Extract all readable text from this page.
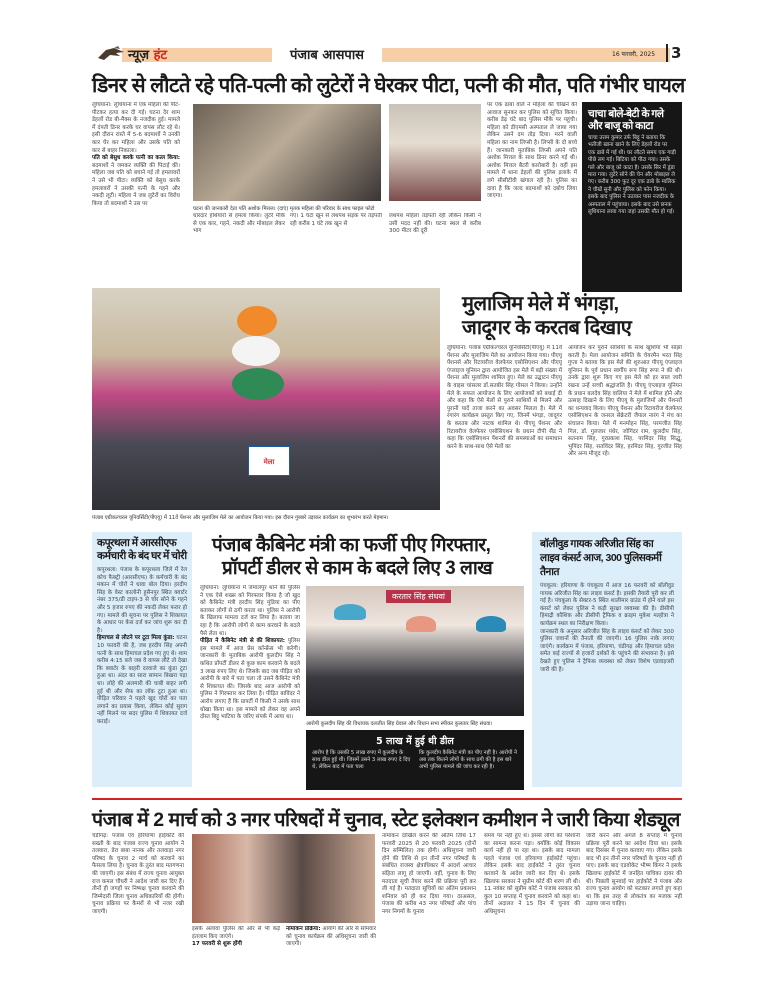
न्यूज़ हंट	पंजाब आसपास	16 फरवरी, 2025	3
डिनर से लौटते रहे पति-पत्नी को लुटेरों ने घेरकर पीटा, पत्नी की मौत, पति गंभीर घायल
लुधियाना: लुधियाना में एक महिला की पीट-पीटकर हत्या कर दी गई। घटना देर शाम डेहलों रोड बी-मैक्स के नजदीक हुई। मामले में दंपती डिनर करके घर वापस लौट रहे थे। इसी दौरान रास्ते में 5-6 बदमाशों ने उनकी कार घेर कर महिला और उसके पति को कार से बाहर निकाला।
पति को बेसुध करके पत्नी का कत्ल किया: बदमाशों ने जमकर व्यक्ति की पिटाई की। महिला जब पति को बचाने गई तो हमलावरों ने उसे भी पीटा। व्यक्ति को बेसुध करके हमलावरों ने उसकी पत्नी के गहने और नकदी लूटी। महिला ने जब लुटेरों का विरोध किया तो बदमाशों ने उस पर
घटना की जानकारी देता पति अशोक मित्तल। (दाएं) मृतक महिला की परिवार के साथ फाइल फोटो
धारदार हथियारों से हमला किया। लुटेरे मौके से एक कार, गहने, नकदी और मोबाइल लेकर भाग
गए। 1 घंटा खून से लथपथ सड़क पर तड़पती रही करीब 1 घंटे तक खून से
लथपथ महिला तड़पती रही लेकिन किसी ने उसी मदद नहीं की। घटना स्थल से करीब 300 मीटर की दूरी
पर एक ढाबा वाले ने महिला की चीखने की आवाज सुनकर कर पुलिस को सूचित किया। करीब डेढ़ घंटे बाद पुलिस मौके पर पहुंची। महिला को डीएमसी अस्पताल ले जाया गया लेकिन उसने दम तोड़ दिया। मरने वाली महिला का नाम लिप्सी है। लिप्सी के दो बच्चे हैं। जानकारी मुताबिक लिप्सी अपने पति अशोक मित्तल के साथ डिनर करने गई थी। अशोक मित्तल बैटरी कारोबारी है। वहीं इस मामले में थाना डेहलों की पुलिस इलाके में लगे सीसीटीवी खंगाल रही है। पुलिस का दावा है कि जल्द बदमाशों को दबोच लिया जाएगा।
चाचा बोले-बेटी के गले और बाजू को काटा
चाचा उत्तम कुमार उर्फ बिट्टू ने बताया कि भतीजी खाना खाने के लिए डेहलों रोड पर एक ढाबे में गई थी। घर लौटते समय एक गाड़ी पीछे लग गई। बिटिया को पीटा गया। उसके गले और बाजू को काटा है। उसके सिर में डूंडा मारा गया। लुटेरे सोने की चेन और मोबाइल ले गए। करीब 300 फुट दूर एक ढाबे के मालिक ने चीखें सुनी और पुलिस को फोन किया। इसके बाद पुलिस ने उठाकर पास नजदीक के अस्पताल में पहुंचाया। इसके बाद उसे छनक लुधियाना लाया गया जहां उसकी मौत हो गई।
मेला
पंजाब एग्रीकल्चरल यूनिवर्सिटी(पीएयू) में 11वें पेंशनर और मुलाजिम मेले का आयोजन किया गया। इस दौरान गुब्बारे उड़ाकर कार्यक्रम का शुभारंभ करते मेहमान।
मुलाजिम मेले में भंगड़ा,
जादूगर के करतब दिखाए
लुधियाना: पंजाब एग्रीकल्चरल यूनिवर्सिटी(पीएयू) में 11वें पेंशनर और मुलाजिम मेले का आयोजन किया गया। पीएयू पेंशनर्स और रिटायरीज वेलफेयर एसोसिएशन और पीएयू एंप्लाइज यूनियन द्वारा आयोजित इस मेले में बड़ी संख्या में पेंशनर और मुलाजिम शामिल हुए। मेले का उद्घाटन पीएयू के वाइस चांसलर डॉ.सतबीर सिंह गोसल ने किया। उन्होंने मेले के सफल आयोजन के लिए आयोजकों को बधाई दी और कहा कि ऐसे मेलों से पुराने साथियों से मिलने और पुरानी यादें ताजा करने का अवसर मिलता है। मेले में रंगारंग कार्यक्रम प्रस्तुत किए गए, जिनमें भंगड़ा, जादूगर के करतब और नाटक शामिल थे। पीएयू पेंशनर और रिटायरीज वेलफेयर एसोसिएशन के प्रधान टीपी सैंड ने कहा कि एसोसिएशन पेंशनरों की समस्याओं का समाधान करने के साथ-साथ ऐसे मेलों का
आयोजन कर पुराने साथियों के साथ खुशियां भी साझा करती है। मेला आयोजन समिति के चेयरमैन भरत सिंह गुप्ता ने बताया कि इस मेले की शुरुआत पीएयू एंप्लाइज यूनियन के पूर्व प्रधान स्वर्गीय रूप सिंह रूपा ने की थी। उनके द्वारा शुरू किए गए इस मेले को हर साल जारी रखना उन्हें सच्ची श्रद्धांजलि है। पीएयू एंप्लाइज यूनियन के प्रधान बलदेव सिंह वालिया ने मेले में शामिल होने और उत्साह दिखाने के लिए पीएयू के मुलाजिमों और पेंशनरों का धन्यवाद किया। पीएयू पेंशनर और रिटायरीज वेलफेयर एसोसिएशन के जनरल सेक्रेटरी जैपाल नारंग ने मंच का संचालन किया। मेले में मनमोहन सिंह, परमजीत सिंह गिल, डॉ. गुलजार पंधेर, जोगिंदर राम, कुलदीप सिंह, सतनाम सिंह, गुरप्रकाश सिंह, परमिंदर सिंह सिद्धू, भुपिंदर सिंह, सतविंदर सिंह, हरमिंदर सिंह, गुरजीत सिंह और अन्य मौजूद रहे।
कपूरथला में आरसीएफ कर्मचारी के बंद घर में चोरी
कपूरथला: पंजाब के कपूरथला जिले में रेल कोच फैक्ट्री (आरसीएफ) के कर्मचारी के बंद मकान में चोरों ने धावा बोल दिया। हरदीप सिंह के वेस्ट कालोनी हुसैनपुर स्थित क्वार्टर नंबर 375/डी टाइप-3 से चोर सोने के गहने और 5 हजार रुपए की नकदी लेकर फरार हो गए। मामले की सूचना पर पुलिस ने शिकायत के आधार पर केस दर्ज कर जांच शुरू कर दी है।
हिमाचल से लौटने पर टूटा मिला कुंडा: घटना 10 फरवरी की है, जब हरदीप सिंह अपनी पत्नी के साथ हिमाचल प्रदेश गए हुए थे। शाम करीब 4:15 बजे जब वे वापस लौटे तो देखा कि क्वार्टर के बाहरी दरवाजे का कुंडा टूटा हुआ था। अंदर का सारा सामान बिखरा पड़ा था। लोहे की अलमारी की चाबी बाहर लगी हुई थी और सेफ का लॉक टूटा हुआ था। पीड़ित परिवार ने पहले खुद चोरों का पता लगाने का प्रयास किया, लेकिन कोई सुराग नहीं मिलने पर सदर पुलिस में शिकायत दर्ज कराई।
पंजाब कैबिनेट मंत्री का फर्जी पीए गिरफ्तार,
प्रॉपर्टी डीलर से काम के बदले लिए 3 लाख
लुधियाना: लुधियाना में जमालपुर थाने की पुलिस ने एक ऐसे शख्स को गिरफ्तार किया है जो खुद को कैबिनेट मंत्री हरदीप सिंह मुंडिया का पीए बताकर लोगों से ठगी करता था। पुलिस ने आरोपी के खिलाफ मामला दर्ज कर लिया है। बताया जा रहा है कि आरोपी लोगों से काम करवाने के बदले पैसे लेता था।
पीड़ित ने कैबिनेट मंत्री से की शिकायत: पुलिस इस मामले में आज प्रेस कॉन्फ्रेंस भी करेगी। जानकारी के मुताबिक आरोपी कुलदीप सिंह ने कथित प्रॉपर्टी डीलर से कुछ काम करवाने के बदले 3 लाख रुपए लिए थे। जिसके बाद जब पीड़ित को आरोपी के बारे में पता चला तो उसने कैबिनेट मंत्री से शिकायत की। जिसके बाद आज आरोपी को पुलिस ने गिरफ्तार कर लिया है। पीड़ित बाविंदर ने आरोप लगाए हैं कि प्रापर्टी में किसी ने उसके साथ धोखा किया था। इस मामले को लेकर वह अपने दोस्त बिट्टू भाटिया के जरिए संपर्क में आया था।
करतार सिंह संधवां
आरोपी कुलदीप सिंह की विधायक दलजीत सिंह ग्रेवाल और विधान सभा स्पीकर कुलतार सिंह संधवा।
5 लाख में हुई थी डील
आरोप है कि उसकी 5 लाख रुपए में कुलदीप के साथ डील हुई थी। जिसमें उसने 3 लाख रुपए दे दिए थे, लेकिन बाद में पता चला
कि कुलदीप कैबिनेट मंत्री का पीए नहीं है। आरोपी ने अब तक कितने लोगों के साथ ठगी की है इस बारे अभी पुलिस मामले की जांच कर रही है।
बॉलीवुड गायक अरिजीत सिंह का लाइव कंसर्ट आज, 300 पुलिसकर्मी तैनात
पंचकूला: हरियाणा के पंचकूला में आज 16 फरवरी को बॉलीवुड गायक अरिजीत सिंह का लाइव कंसर्ट है। इसकी तैयारी पूरी कर ली गई है। पंचकूला के सेक्टर-5 स्थित शालीमार ग्राउंड में होने वाले इस कंसर्ट को लेकर पुलिस ने कड़ी सुरक्षा व्यवस्था की है। डीसीपी हिमाद्री कौशिक और डीसीपी ट्रैफिक व क्राइम मुकेश मल्होत्रा ने कार्यक्रम स्थल का निरीक्षण किया।
जानकारी के अनुसार अरिजीत सिंह के लाइव कंसर्ट को लेकर 300 पुलिस जवानों की तैनाती की जाएगी। 16 पुलिस नाके लगाए जाएंगे। कार्यक्रम में पंजाब, हरियाणा, चंडीगढ़ और हिमाचल प्रदेश समेत कई राज्यों से हजारों दर्शकों के पहुंचने की संभावना है। इसे देखते हुए पुलिस ने ट्रैफिक व्यवस्था को लेकर विशेष एडवाइजरी जारी की है।
पंजाब में 2 मार्च को 3 नगर परिषदों में चुनाव, स्टेट इलेक्शन कमीशन ने जारी किया शेड्यूल
चंडीगढ़: पंजाब एवं हरियाणा हाईकोर्ट की सख्ती के बाद पंजाब राज्य चुनाव आयोग ने तलवारा, डेरा बाबा नानक और तलवाड़ा नगर परिषद के चुनाव 2 मार्च को करवाने का फैसला लिया है। चुनाव के तुरंत बाद मतगणना की जाएगी। इस संबंध में राज्य चुनाव आयुक्त राज कमल चौधरी ने आदेश जारी कर दिए हैं। तीनों ही जगहों पर निष्पक्ष चुनाव करवाने की जिम्मेदारी जिला चुनाव अधिकारियों की होगी। चुनाव प्रक्रिया पर कैमरों से भी नजर रखी जाएगी।
इसके अलावा पुलिस की ओर से भी कड़े इंतजाम किए जाएंगे।
17 फरवरी से शुरू होंगी
नामांकन प्रक्रिया: आयोग की ओर से सोमवार को चुनाव कार्यक्रम की अधिसूचना जारी की जाएगी।
नामांकन दाखिल करने की अंतिम तिथि 17 फरवरी 2025 से 20 फरवरी 2025 (दोनों दिन सम्मिलित) तक होगी। अधिसूचना जारी होने की तिथि से इन तीनों नगर परिषदों के संबंधित राजस्व क्षेत्राधिकार में आदर्श आचार संहिता लागू हो जाएगी। वहीं, चुनाव के लिए मतदाता सूची तैयार करने की प्रक्रिया पूरी कर ली गई है। मतदाता सूचियों का अंतिम प्रकाशन शनिवार को ही कर दिया गया। दरअसल, पंजाब की करीब 43 नगर परिषदों और पांच नगर निगमों के चुनाव
समय पर नहीं हुए थे। इससे लोगों को परेशानी का सामना करना पड़ा। क्योंकि कोई विकास कार्य नहीं हो पा रहा था। इसके बाद मामला पहले पंजाब एवं हरियाणा हाईकोर्ट पहुंचा। लेकिन इसके बाद हाईकोर्ट ने तुरंत चुनाव करवाने के आदेश जारी कर दिए थे। इसके खिलाफ सरकार ने सुप्रीम कोर्ट की शरण ली थी। 11 नवंबर को सुप्रीम कोर्ट ने पंजाब सरकार को कुल 10 सप्ताह में चुनाव करवाने को कहा था। तीनों अदालत ने 15 दिन में चुनाव की अधिसूचना
जारी करने और अगले 8 सप्ताह में चुनाव प्रक्रिया पूरी करने का आदेश दिया था। इसके बाद दिसंबर में चुनाव करवाए गए। लेकिन इसके बाद भी इन तीनों नगर परिषदों के चुनाव नहीं हो पाए। इसके बाद एडवोकेट भीष्म किंगर ने इसके खिलाफ हाईकोर्ट में जनहित याचिका दायर की थी। पिछली सुनवाई पर हाईकोर्ट ने पंजाब और राज्य चुनाव आयोग को फटकार लगाते हुए कहा था कि इस तरह से लोकतंत्र का मजाक नहीं उड़ाया जाना चाहिए।
